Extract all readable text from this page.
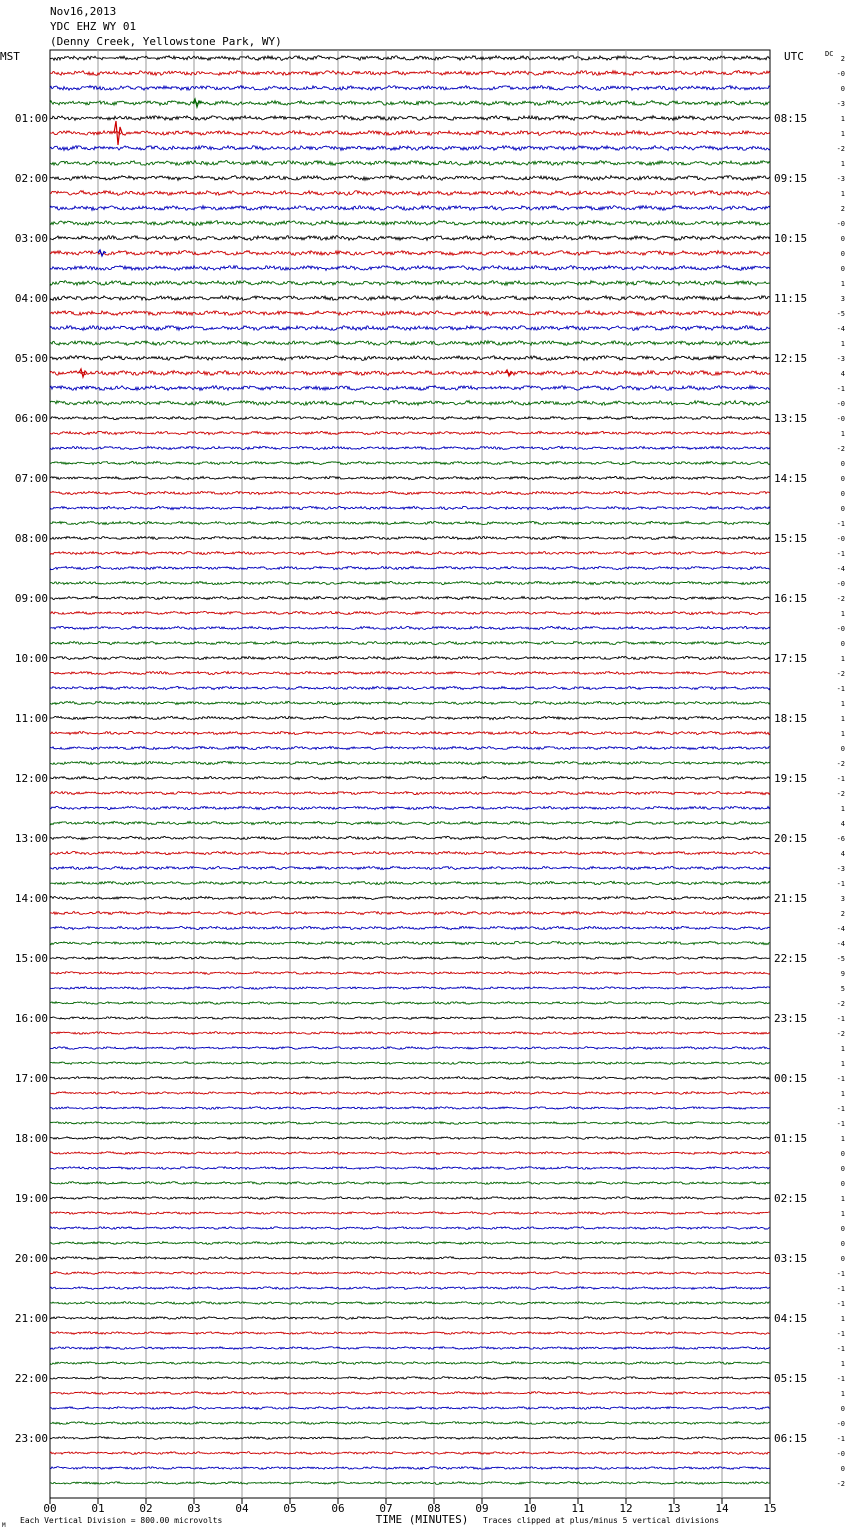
Nov16,2013
YDC EHZ WY 01
(Denny Creek, Yellowstone Park, WY)
MST	UTC	DC
01:00
02:00
03:00
04:00
05:00
06:00
07:00
08:00
09:00
10:00
11:00
12:00
13:00
14:00
15:00
16:00
17:00
18:00
19:00
20:00
21:00
22:00
23:00
08:15
09:15
10:15
11:15
12:15
13:15
14:15
15:15
16:15
17:15
18:15
19:15
20:15
21:15
22:15
23:15
00:15
01:15
02:15
03:15
04:15
05:15
06:15
2
-0
0
-3
1
1
-2
1
-3
1
2
-0
0
0
0
1
3
-5
-4
1
-3
4
-1
-0
-0
1
-2
0
0
0
0
-1
-0
-1
-4
-0
-2
1
-0
0
1
-2
-1
1
1
1
0
-2
-1
-2
1
4
-6
4
-3
-1
3
2
-4
-4
-5
9
5
-2
-1
-2
1
1
-1
1
-1
-1
1
0
0
0
1
1
0
0
0
-1
-1
-1
1
-1
-1
1
-1
1
0
-0
-1
-0
0
-2
00	01	02	03	04	05	06	07	08	09	10	11	12	13	14	15
TIME (MINUTES)
Each Vertical Division = 800.00 microvolts	Traces clipped at plus/minus 5 vertical divisions
M
